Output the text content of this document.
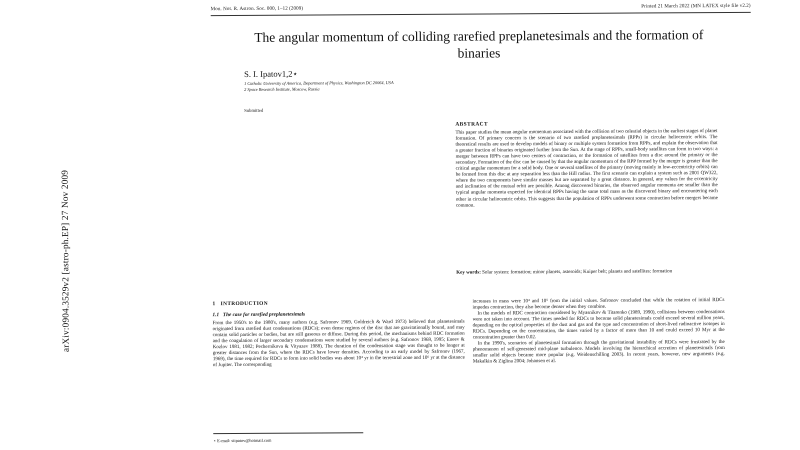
arXiv:0904.3529v2 [astro-ph.EP] 27 Nov 2009
Mon. Not. R. Astron. Soc. 000, 1–12 (2009)	Printed 21 March 2022 (MN LATEX style file v2.2)
The angular momentum of colliding rarefied preplanetesimals and the formation of binaries
S. I. Ipatov1,2⋆
1 Catholic University of America, Department of Physics, Washington DC 20064, USA
2 Space Research Institute, Moscow, Russia
Submitted
ABSTRACT
This paper studies the mean angular momentum associated with the collision of two celestial objects in the earliest stages of planet formation. Of primary concern is the scenario of two rarefied preplanetesimals (RPPs) in circular heliocentric orbits. The theoretical results are used to develop models of binary or multiple system formation from RPPs, and explain the observation that a greater fraction of binaries originated further from the Sun. At the stage of RPPs, small-body satellites can form in two ways: a merger between RPPs can have two centers of contraction, or the formation of satellites from a disc around the primary or the secondary. Formation of the disc can be caused by that the angular momentum of the RPP formed by the merger is greater than the critical angular momentum for a solid body. One or several satellites of the primary (moving mainly in low-eccentricity orbits) can be formed from this disc at any separation less than the Hill radius. The first scenario can explain a system such as 2001 QW322, where the two components have similar masses but are separated by a great distance. In general, any values for the eccentricity and inclination of the mutual orbit are possible. Among discovered binaries, the observed angular momenta are smaller than the typical angular momenta expected for identical RPPs having the same total mass as the discovered binary and encountering each other in circular heliocentric orbits. This suggests that the population of RPPs underwent some contraction before mergers became common.
Key words: Solar system: formation; minor planets, asteroids; Kuiper belt; planets and satellites: formation
1 INTRODUCTION
1.1 The case for rarefied preplanetesimals

From the 1950's to the 1980's, many authors (e.g. Safronov 1969, Goldreich & Ward 1973) believed that planetesimals originated from rarefied dust condensations (RDCs); even dense regions of the disc that are gravitationally bound, and may contain solid particles or bodies, but are still gaseous or diffuse. During this period, the mechanisms behind RDC formation and the coagulation of larger secondary condensations were studied by several authors (e.g. Safronov 1969, 1995; Eneev & Kozlov 1981, 1982; Pechernikova & Vityazev 1988). The duration of the condensation stage was thought to be longer at greater distances from the Sun, where the RDCs have lower densities. According to an early model by Safronov (1967, 1969), the time required for RDCs to form into solid bodies was about 10⁴ yr in the terrestrial zone and 10⁶ yr at the distance of Jupiter. The corresponding

increases in mass were 10⁴ and 10⁵ from the initial values. Safronov concluded that while the rotation of initial RDCs impedes contraction, they also become denser when they combine.

In the models of RDC contraction considered by Myasnikov & Titarenko (1989, 1990), collisions between condensations were not taken into account. The times needed for RDCs to become solid planetesimals could exceed several million years, depending on the optical properties of the dust and gas and the type and concentration of short-lived radioactive isotopes in RDCs. Depending on the concentration, the times varied by a factor of more than 10 and could exceed 10 Myr at the concentration greater than 0.02.

In the 1990's, scenarios of planetesimal formation through the gravitational instability of RDCs were frustrated by the phenomenon of self-generated mid-plane turbulence. Models involving the hierarchical accretion of planetesimals from smaller solid objects became more popular (e.g. Weidenschilling 2003). In recent years, however, new arguments (e.g. Makalkin & Ziglina 2004; Johansen et al.

⋆ E-mail: siipatov@hotmail.com
